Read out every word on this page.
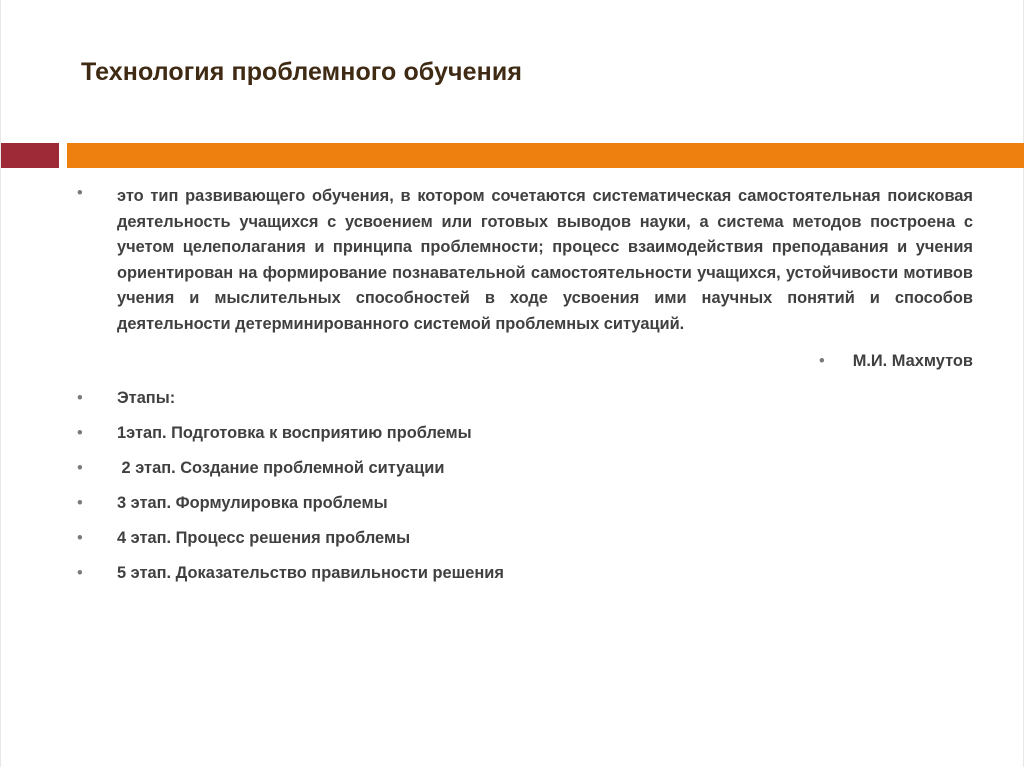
Технология проблемного обучения
• это тип развивающего обучения, в котором сочетаются систематическая самостоятельная поисковая деятельность учащихся с усвоением или готовых выводов науки, а система методов построена с учетом целеполагания и принципа проблемности; процесс взаимодействия преподавания и учения ориентирован на формирование познавательной самостоятельности учащихся, устойчивости мотивов учения и мыслительных способностей в ходе усвоения ими научных понятий и способов деятельности детерминированного системой проблемных ситуаций.
• М.И. Махмутов
• Этапы:
• 1этап. Подготовка к восприятию проблемы
• 2 этап. Создание проблемной ситуации
• 3 этап. Формулировка проблемы
• 4 этап. Процесс решения проблемы
• 5 этап. Доказательство правильности решения
